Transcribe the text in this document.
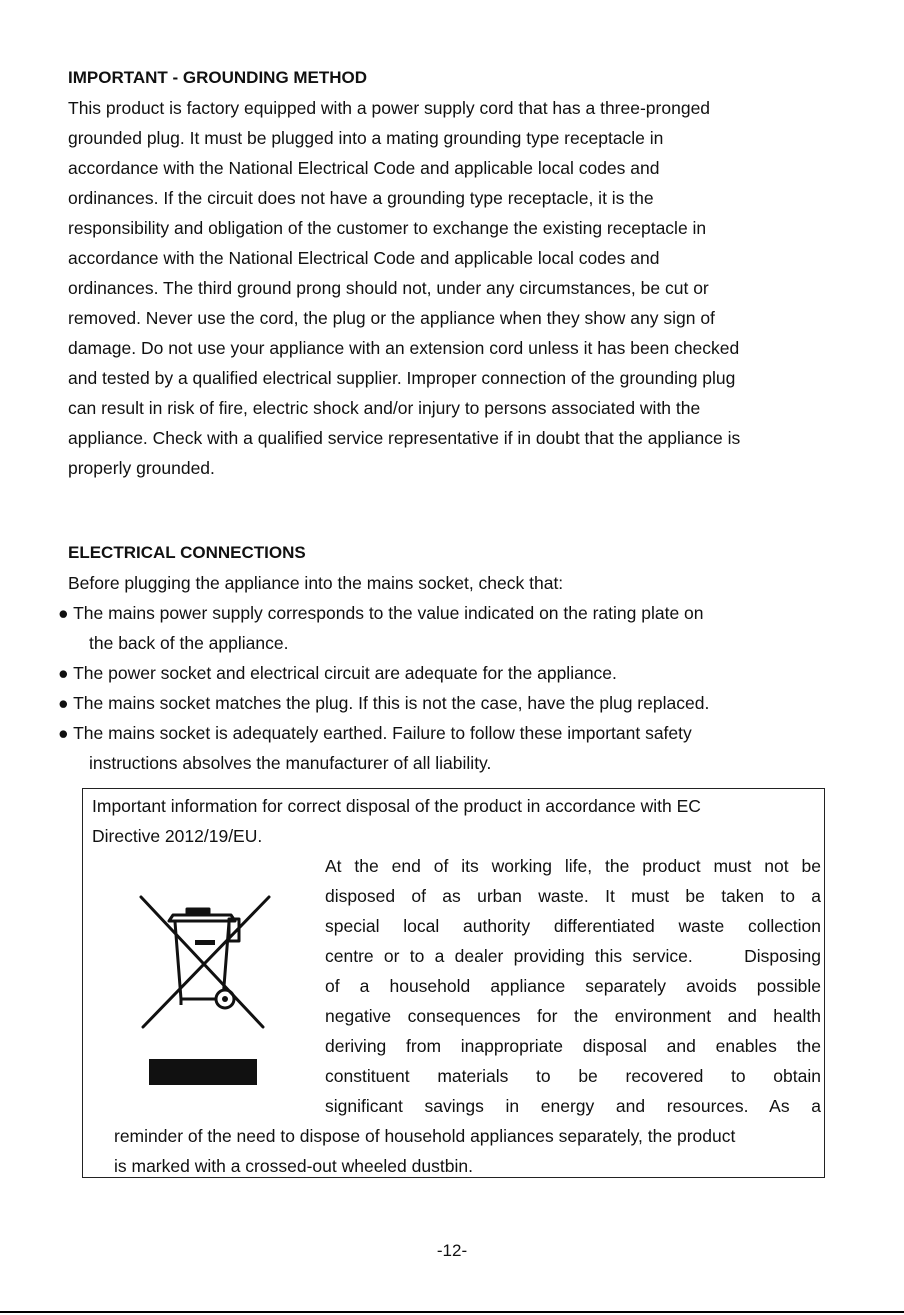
IMPORTANT - GROUNDING METHOD
This product is factory equipped with a power supply cord that has a three-pronged
grounded plug. It must be plugged into a mating grounding type receptacle in
accordance with the National Electrical Code and applicable local codes and
ordinances. If the circuit does not have a grounding type receptacle, it is the
responsibility and obligation of the customer to exchange the existing receptacle in
accordance with the National Electrical Code and applicable local codes and
ordinances. The third ground prong should not, under any circumstances, be cut or
removed. Never use the cord, the plug or the appliance when they show any sign of
damage. Do not use your appliance with an extension cord unless it has been checked
and tested by a qualified electrical supplier. Improper connection of the grounding plug
can result in risk of fire, electric shock and/or injury to persons associated with the
appliance. Check with a qualified service representative if in doubt that the appliance is
properly grounded.
ELECTRICAL CONNECTIONS
Before plugging the appliance into the mains socket, check that:
● The mains power supply corresponds to the value indicated on the rating plate on
the back of the appliance.
● The power socket and electrical circuit are adequate for the appliance.
● The mains socket matches the plug. If this is not the case, have the plug replaced.
● The mains socket is adequately earthed. Failure to follow these important safety
instructions absolves the manufacturer of all liability.
Important information for correct disposal of the product in accordance with EC
Directive 2012/19/EU.
At the end of its working life, the product must not be
disposed of as urban waste. It must be taken to a
special local authority differentiated waste collection
centre or to a dealer providing this service.     Disposing
of a household appliance separately avoids possible
negative consequences for the environment and health
deriving from inappropriate disposal and enables the
constituent materials to be recovered to obtain
significant savings in energy and resources. As a
reminder of the need to dispose of household appliances separately, the product
is marked with a crossed-out wheeled dustbin.
-12-
